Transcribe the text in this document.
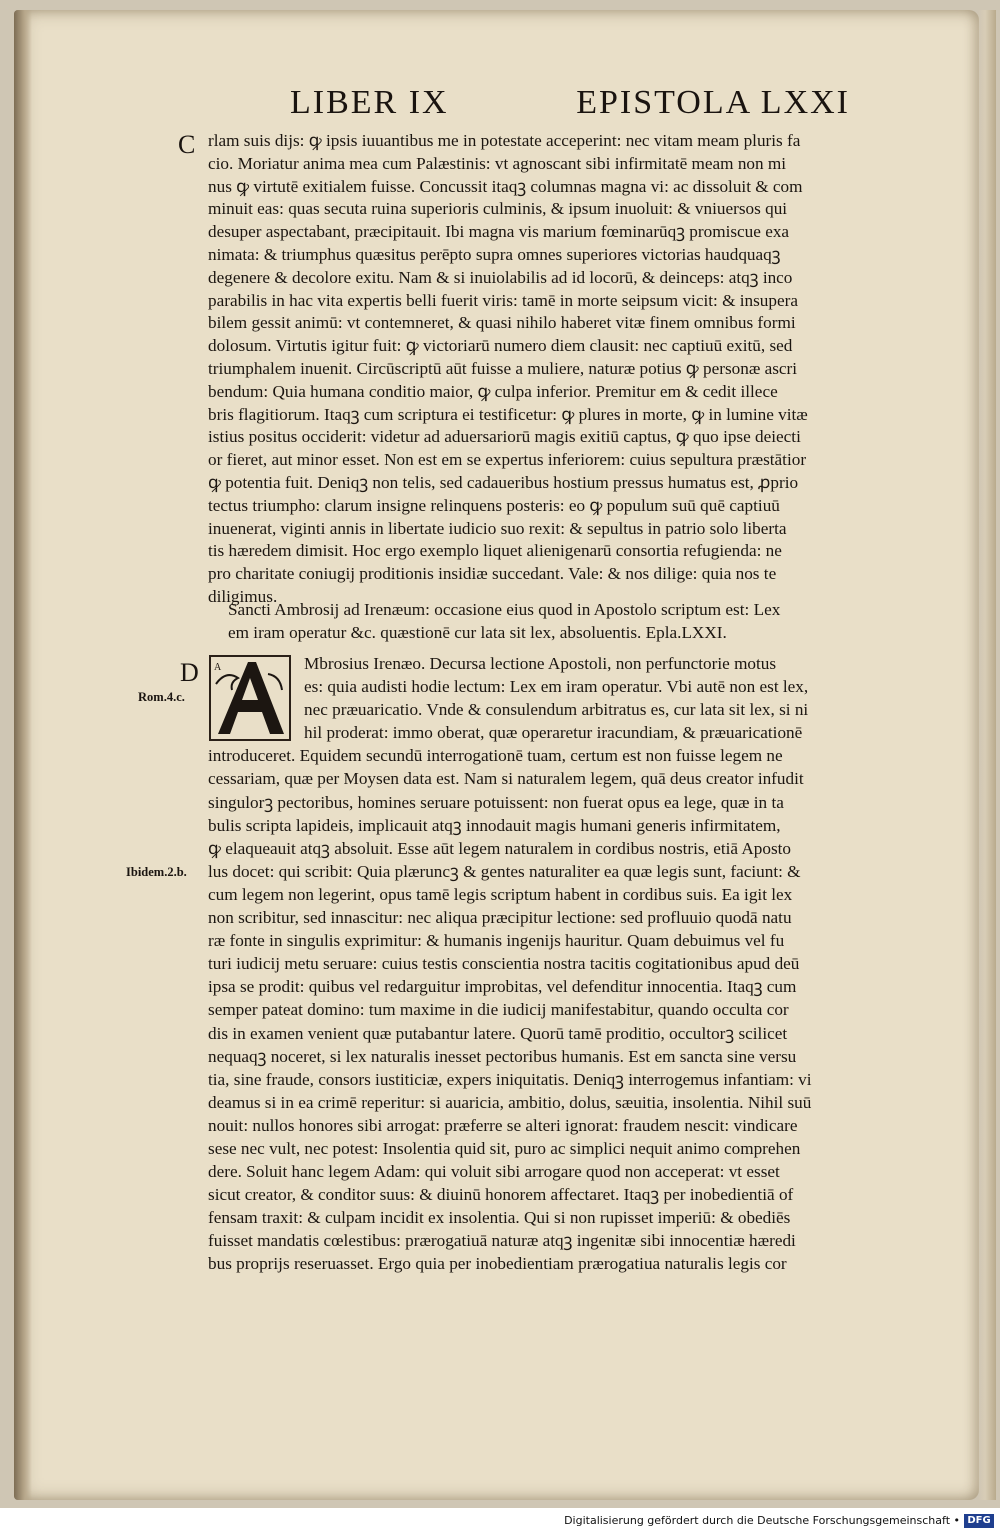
LIBER IX	EPISTOLA LXXI
C
D
Rom.4.c.
Ibidem.2.b.
rlam suis dijs: ꝙ ipsis iuuantibus me in potestate acceperint: nec vitam meam pluris fa
cio. Moriatur anima mea cum Palæstinis: vt agnoscant sibi infirmitatē meam non mi
nus ꝙ virtutē exitialem fuisse. Concussit itaqꝫ columnas magna vi: ac dissoluit & com
minuit eas: quas secuta ruina superioris culminis, & ipsum inuoluit: & vniuersos qui
desuper aspectabant, præcipitauit. Ibi magna vis marium fœminarūqꝫ promiscue exa
nimata: & triumphus quæsitus perēpto supra omnes superiores victorias haudquaqꝫ
degenere & decolore exitu. Nam & si inuiolabilis ad id locorū, & deinceps: atqꝫ inco
parabilis in hac vita expertis belli fuerit viris: tamē in morte seipsum vicit: & insupera
bilem gessit animū: vt contemneret, & quasi nihilo haberet vitæ finem omnibus formi
dolosum. Virtutis igitur fuit: ꝙ victoriarū numero diem clausit: nec captiuū exitū, sed
triumphalem inuenit. Circūscriptū aūt fuisse a muliere, naturæ potius ꝙ personæ ascri
bendum: Quia humana conditio maior, ꝙ culpa inferior. Premitur em & cedit illece
bris flagitiorum. Itaqꝫ cum scriptura ei testificetur: ꝙ plures in morte, ꝙ in lumine vitæ
istius positus occiderit: videtur ad aduersariorū magis exitiū captus, ꝙ quo ipse deiecti
or fieret, aut minor esset. Non est em se expertus inferiorem: cuius sepultura præstātior
ꝙ potentia fuit. Deniqꝫ non telis, sed cadaueribus hostium pressus humatus est, ꝓprio
tectus triumpho: clarum insigne relinquens posteris: eo ꝙ populum suū quē captiuū
inuenerat, viginti annis in libertate iudicio suo rexit: & sepultus in patrio solo liberta
tis hæredem dimisit. Hoc ergo exemplo liquet alienigenarū consortia refugienda: ne
pro charitate coniugij proditionis insidiæ succedant. Vale: & nos dilige: quia nos te
diligimus.
Sancti Ambrosij ad Irenæum: occasione eius quod in Apostolo scriptum est: Lex
em iram operatur &c. quæstionē cur lata sit lex, absoluentis. Epla.LXXI.
A	Mbrosius Irenæo. Decursa lectione Apostoli, non perfunctorie motus
es: quia audisti hodie lectum: Lex em iram operatur. Vbi autē non est lex,
nec præuaricatio. Vnde & consulendum arbitratus es, cur lata sit lex, si ni
hil proderat: immo oberat, quæ operaretur iracundiam, & præuaricationē
introduceret. Equidem secundū interrogationē tuam, certum est non fuisse legem ne
cessariam, quæ per Moysen data est. Nam si naturalem legem, quā deus creator infudit
singulorꝫ pectoribus, homines seruare potuissent: non fuerat opus ea lege, quæ in ta
bulis scripta lapideis, implicauit atqꝫ innodauit magis humani generis infirmitatem,
ꝙ elaqueauit atqꝫ absoluit. Esse aūt legem naturalem in cordibus nostris, etiā Aposto
lus docet: qui scribit: Quia plæruncꝫ & gentes naturaliter ea quæ legis sunt, faciunt: &
cum legem non legerint, opus tamē legis scriptum habent in cordibus suis. Ea igit lex
non scribitur, sed innascitur: nec aliqua præcipitur lectione: sed profluuio quodā natu
ræ fonte in singulis exprimitur: & humanis ingenijs hauritur. Quam debuimus vel fu
turi iudicij metu seruare: cuius testis conscientia nostra tacitis cogitationibus apud deū
ipsa se prodit: quibus vel redarguitur improbitas, vel defenditur innocentia. Itaqꝫ cum
semper pateat domino: tum maxime in die iudicij manifestabitur, quando occulta cor
dis in examen venient quæ putabantur latere. Quorū tamē proditio, occultorꝫ scilicet
nequaqꝫ noceret, si lex naturalis inesset pectoribus humanis. Est em sancta sine versu
tia, sine fraude, consors iustiticiæ, expers iniquitatis. Deniqꝫ interrogemus infantiam: vi
deamus si in ea crimē reperitur: si auaricia, ambitio, dolus, sæuitia, insolentia. Nihil suū
nouit: nullos honores sibi arrogat: præferre se alteri ignorat: fraudem nescit: vindicare
sese nec vult, nec potest: Insolentia quid sit, puro ac simplici nequit animo comprehen
dere. Soluit hanc legem Adam: qui voluit sibi arrogare quod non acceperat: vt esset
sicut creator, & conditor suus: & diuinū honorem affectaret. Itaqꝫ per inobedientiā of
fensam traxit: & culpam incidit ex insolentia. Qui si non rupisset imperiū: & obediēs
fuisset mandatis cœlestibus: prærogatiuā naturæ atqꝫ ingenitæ sibi innocentiæ hæredi
bus proprijs reseruasset. Ergo quia per inobedientiam prærogatiua naturalis legis cor
Digitalisierung gefördert durch die Deutsche Forschungsgemeinschaft • DFG
